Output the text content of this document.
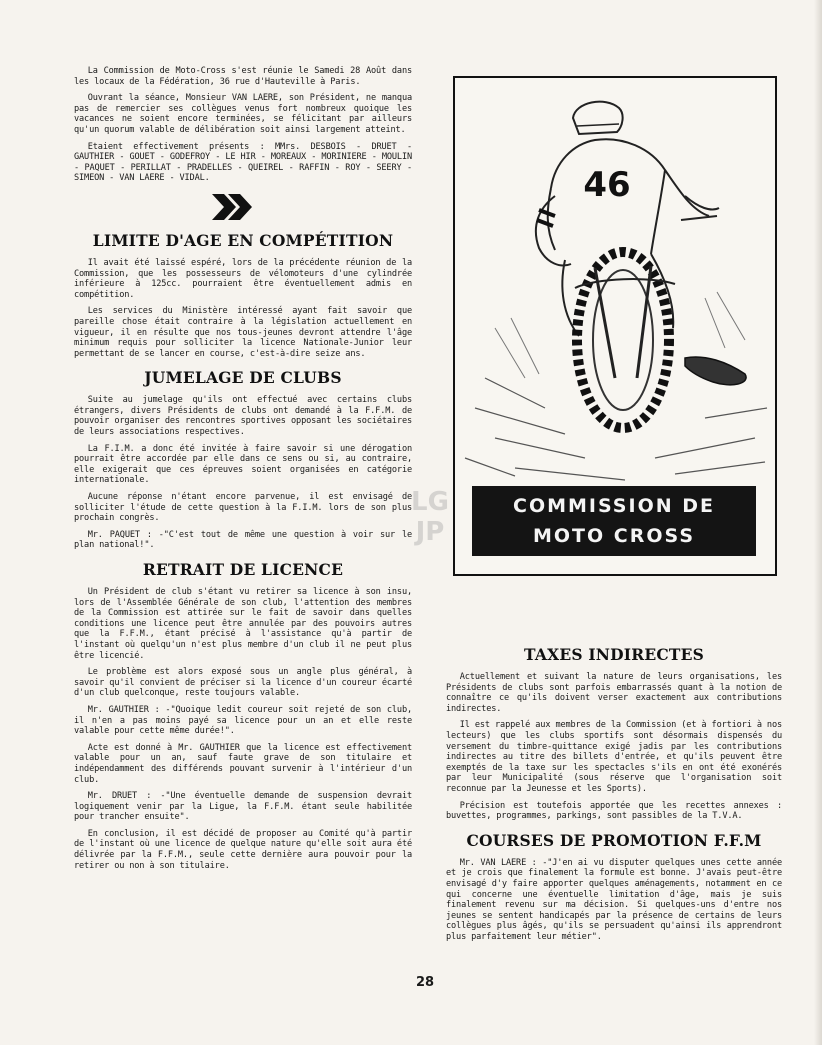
La Commission de Moto-Cross s'est réunie le Samedi 28 Août dans les locaux de la Fédération, 36 rue d'Hauteville à Paris.

Ouvrant la séance, Monsieur VAN LAERE, son Président, ne manqua pas de remercier ses collègues venus fort nombreux quoique les vacances ne soient encore terminées, se félicitant par ailleurs qu'un quorum valable de délibération soit ainsi largement atteint.

Etaient effectivement présents : MMrs. DESBOIS - DRUET - GAUTHIER - GOUET - GODEFROY - LE HIR - MOREAUX - MORINIERE - MOULIN - PAQUET - PERILLAT - PRADELLES - QUEIREL - RAFFIN - ROY - SEERY - SIMEON - VAN LAERE - VIDAL.

LIMITE D'AGE EN COMPÉTITION

Il avait été laissé espéré, lors de la précédente réunion de la Commission, que les possesseurs de vélomoteurs d'une cylindrée inférieure à 125cc. pourraient être éventuellement admis en compétition.

Les services du Ministère intéressé ayant fait savoir que pareille chose était contraire à la législation actuellement en vigueur, il en résulte que nos tous-jeunes devront attendre l'âge minimum requis pour solliciter la licence Nationale-Junior leur permettant de se lancer en course, c'est-à-dire seize ans.

JUMELAGE DE CLUBS

Suite au jumelage qu'ils ont effectué avec certains clubs étrangers, divers Présidents de clubs ont demandé à la F.F.M. de pouvoir organiser des rencontres sportives opposant les sociétaires de leurs associations respectives.

La F.I.M. a donc été invitée à faire savoir si une dérogation pourrait être accordée par elle dans ce sens ou si, au contraire, elle exigerait que ces épreuves soient organisées en catégorie internationale.

Aucune réponse n'étant encore parvenue, il est envisagé de solliciter l'étude de cette question à la F.I.M. lors de son plus prochain congrès.

Mr. PAQUET : -"C'est tout de même une question à voir sur le plan national!".

RETRAIT DE LICENCE

Un Président de club s'étant vu retirer sa licence à son insu, lors de l'Assemblée Générale de son club, l'attention des membres de la Commission est attirée sur le fait de savoir dans quelles conditions une licence peut être annulée par des pouvoirs autres que la F.F.M., étant précisé à l'assistance qu'à partir de l'instant où quelqu'un n'est plus membre d'un club il ne peut plus être licencié.

Le problème est alors exposé sous un angle plus général, à savoir qu'il convient de préciser si la licence d'un coureur écarté d'un club quelconque, reste toujours valable.

Mr. GAUTHIER : -"Quoique ledit coureur soit rejeté de son club, il n'en a pas moins payé sa licence pour un an et elle reste valable pour cette même durée!".

Acte est donné à Mr. GAUTHIER que la licence est effectivement valable pour un an, sauf faute grave de son titulaire et indépendamment des différends pouvant survenir à l'intérieur d'un club.

Mr. DRUET : -"Une éventuelle demande de suspension devrait logiquement venir par la Ligue, la F.F.M. étant seule habilitée pour trancher ensuite".

En conclusion, il est décidé de proposer au Comité qu'à partir de l'instant où une licence de quelque nature qu'elle soit aura été délivrée par la F.F.M., seule cette dernière aura pouvoir pour la retirer ou non à son titulaire.

46
LG
JP
COMMISSION DE
MOTO CROSS
TAXES INDIRECTES

Actuellement et suivant la nature de leurs organisations, les Présidents de clubs sont parfois embarrassés quant à la notion de connaître ce qu'ils doivent verser exactement aux contributions indirectes.

Il est rappelé aux membres de la Commission (et à fortiori à nos lecteurs) que les clubs sportifs sont désormais dispensés du versement du timbre-quittance exigé jadis par les contributions indirectes au titre des billets d'entrée, et qu'ils peuvent être exemptés de la taxe sur les spectacles s'ils en ont été exonérés par leur Municipalité (sous réserve que l'organisation soit reconnue par la Jeunesse et les Sports).

Précision est toutefois apportée que les recettes annexes : buvettes, programmes, parkings, sont passibles de la T.V.A.

COURSES DE PROMOTION F.F.M

Mr. VAN LAERE : -"J'en ai vu disputer quelques unes cette année et je crois que finalement la formule est bonne. J'avais peut-être envisagé d'y faire apporter quelques aménagements, notamment en ce qui concerne une éventuelle limitation d'âge, mais je suis finalement revenu sur ma décision. Si quelques-uns d'entre nos jeunes se sentent handicapés par la présence de certains de leurs collègues plus âgés, qu'ils se persuadent qu'ainsi ils apprendront plus parfaitement leur métier".

28
